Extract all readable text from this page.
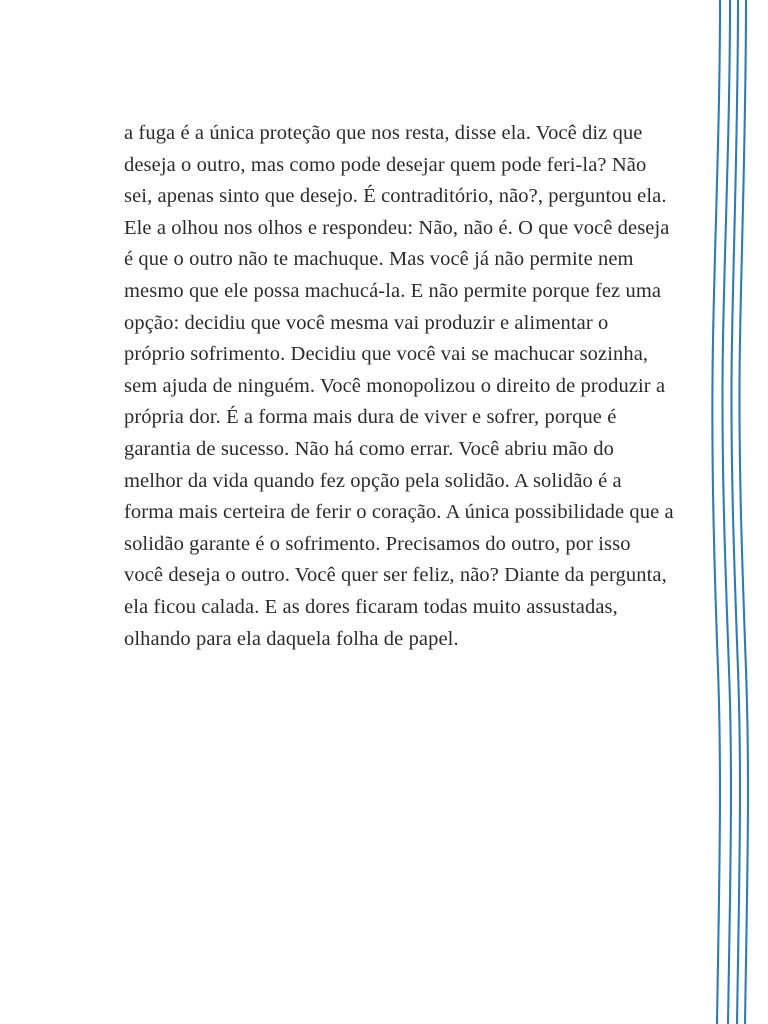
a fuga é a única proteção que nos resta, disse ela. Você diz que deseja o outro, mas como pode desejar quem pode feri-la? Não sei, apenas sinto que desejo. É contraditório, não?, perguntou ela. Ele a olhou nos olhos e respondeu: Não, não é. O que você deseja é que o outro não te machuque. Mas você já não permite nem mesmo que ele possa machucá-la. E não permite porque fez uma opção: decidiu que você mesma vai produzir e alimentar o próprio sofrimento. Decidiu que você vai se machucar sozinha, sem ajuda de ninguém. Você monopolizou o direito de produzir a própria dor. É a forma mais dura de viver e sofrer, porque é garantia de sucesso. Não há como errar. Você abriu mão do melhor da vida quando fez opção pela solidão. A solidão é a forma mais certeira de ferir o coração. A única possibilidade que a solidão garante é o sofrimento. Precisamos do outro, por isso você deseja o outro. Você quer ser feliz, não? Diante da pergunta, ela ficou calada. E as dores ficaram todas muito assustadas, olhando para ela daquela folha de papel.
